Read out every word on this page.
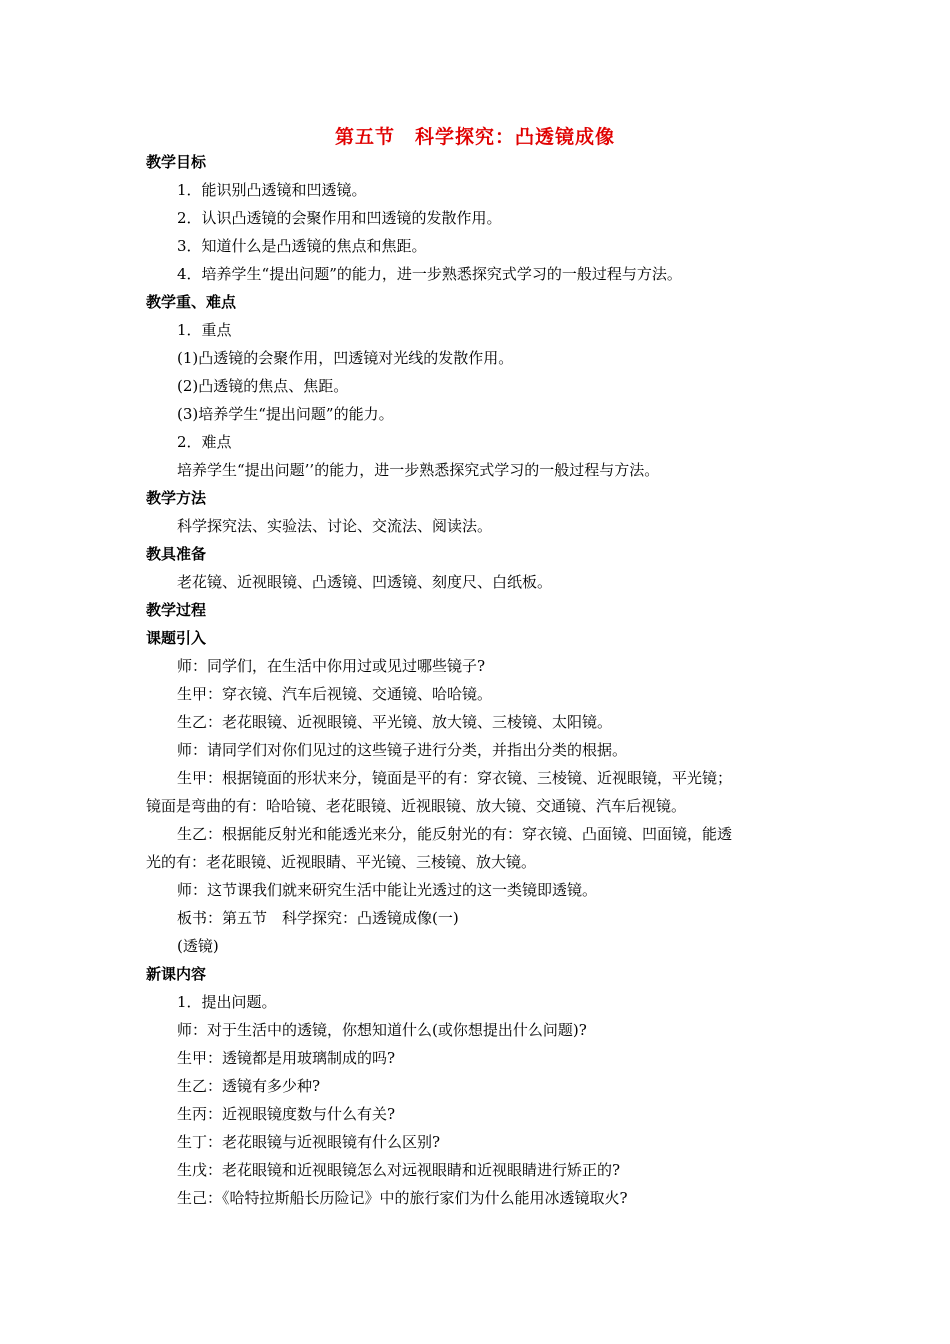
第五节　科学探究：凸透镜成像
教学目标
1．能识别凸透镜和凹透镜。
2．认识凸透镜的会聚作用和凹透镜的发散作用。
3．知道什么是凸透镜的焦点和焦距。
4．培养学生“提出问题”的能力，进一步熟悉探究式学习的一般过程与方法。
教学重、难点
1．重点
(1)凸透镜的会聚作用，凹透镜对光线的发散作用。
(2)凸透镜的焦点、焦距。
(3)培养学生“提出问题”的能力。
2．难点
培养学生“提出问题’’的能力，进一步熟悉探究式学习的一般过程与方法。
教学方法
科学探究法、实验法、讨论、交流法、阅读法。
教具准备
老花镜、近视眼镜、凸透镜、凹透镜、刻度尺、白纸板。
教学过程
课题引入
师：同学们，在生活中你用过或见过哪些镜子?
生甲：穿衣镜、汽车后视镜、交通镜、哈哈镜。
生乙：老花眼镜、近视眼镜、平光镜、放大镜、三棱镜、太阳镜。
师：请同学们对你们见过的这些镜子进行分类，并指出分类的根据。
生甲：根据镜面的形状来分，镜面是平的有：穿衣镜、三棱镜、近视眼镜，平光镜；
镜面是弯曲的有：哈哈镜、老花眼镜、近视眼镜、放大镜、交通镜、汽车后视镜。
生乙：根据能反射光和能透光来分，能反射光的有：穿衣镜、凸面镜、凹面镜，能透
光的有：老花眼镜、近视眼睛、平光镜、三棱镜、放大镜。
师：这节课我们就来研究生活中能让光透过的这一类镜即透镜。
板书：第五节　科学探究：凸透镜成像(一)
(透镜)
新课内容
1．提出问题。
师：对于生活中的透镜，你想知道什么(或你想提出什么问题)?
生甲：透镜都是用玻璃制成的吗?
生乙：透镜有多少种?
生丙：近视眼镜度数与什么有关?
生丁：老花眼镜与近视眼镜有什么区别?
生戊：老花眼镜和近视眼镜怎么对远视眼睛和近视眼睛进行矫正的?
生己：《哈特拉斯船长历险记》中的旅行家们为什么能用冰透镜取火?
